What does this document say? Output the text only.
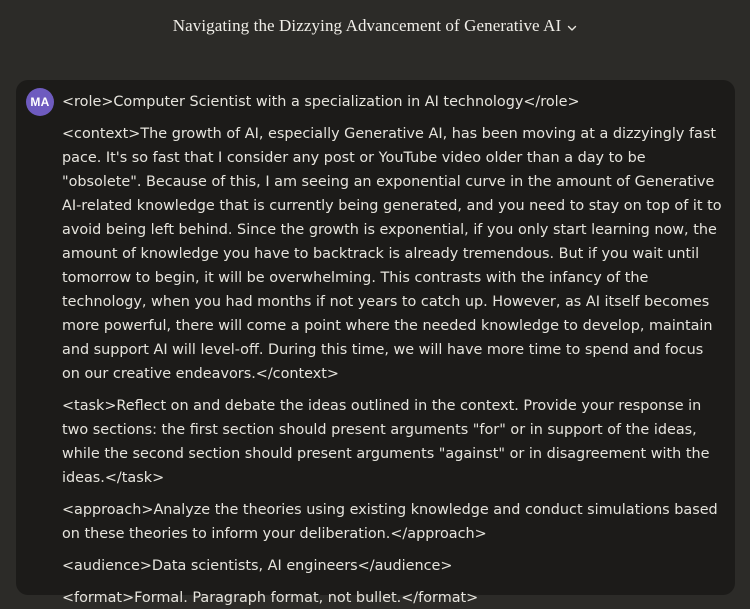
Navigating the Dizzying Advancement of Generative AI
MA <role>Computer Scientist with a specialization in AI technology</role>

<context>The growth of AI, especially Generative AI, has been moving at a dizzyingly fast pace. It's so fast that I consider any post or YouTube video older than a day to be "obsolete". Because of this, I am seeing an exponential curve in the amount of Generative AI-related knowledge that is currently being generated, and you need to stay on top of it to avoid being left behind. Since the growth is exponential, if you only start learning now, the amount of knowledge you have to backtrack is already tremendous. But if you wait until tomorrow to begin, it will be overwhelming. This contrasts with the infancy of the technology, when you had months if not years to catch up. However, as AI itself becomes more powerful, there will come a point where the needed knowledge to develop, maintain and support AI will level-off. During this time, we will have more time to spend and focus on our creative endeavors.</context>

<task>Reflect on and debate the ideas outlined in the context. Provide your response in two sections: the first section should present arguments "for" or in support of the ideas, while the second section should present arguments "against" or in disagreement with the ideas.</task>

<approach>Analyze the theories using existing knowledge and conduct simulations based on these theories to inform your deliberation.</approach>

<audience>Data scientists, AI engineers</audience>

<format>Formal. Paragraph format, not bullet.</format>
